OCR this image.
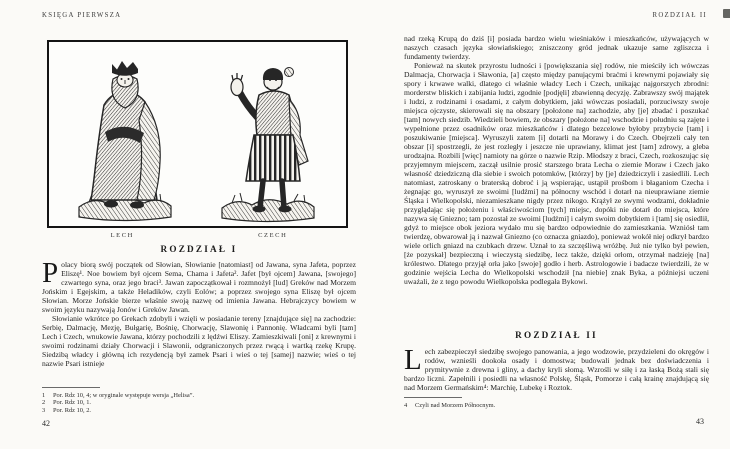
KSIĘGA PIERWSZA
LECH	CZECH
ROZDZIAŁ I

Polacy biorą swój początek od Słowian, Słowianie [natomiast] od Jawana, syna Jafeta, poprzez Eliszę¹. Noe bowiem był ojcem Sema, Chama i Jafeta². Jafet [był ojcem] Jawana, [swojego] czwartego syna, oraz jego braci³. Jawan zapoczątkował i rozmnożył [lud] Greków nad Morzem Jońskim i Egejskim, a także Heladików, czyli Eolów; a poprzez swojego syna Eliszę był ojcem Słowian. Morze Jońskie bierze właśnie swoją nazwę od imienia Jawana. Hebrajczycy bowiem w swoim języku nazywają Jonów i Greków Jawan.

Słowianie wkrótce po Grekach zdobyli i wzięli w posiadanie tereny [znajdujące się] na zachodzie: Serbię, Dalmację, Mezję, Bułgarię, Bośnię, Chorwację, Slawonię i Pannonię. Władcami byli [tam] Lech i Czech, wnukowie Jawana, którzy pochodzili z lędźwi Eliszy. Zamieszkiwali [oni] z krewnymi i swoimi rodzinami działy Chorwacji i Slawonii, odgraniczonych przez rwącą i wartką rzekę Krupę. Siedzibą władcy i główną ich rezydencją był zamek Psari i wieś o tej [samej] nazwie; wieś o tej nazwie Psari istnieje

1	Por. Rdz 10, 4; w oryginale występuje wersja „Helisa”.
2	Por. Rdz 10, 1.
3	Por. Rdz 10, 2.
42
ROZDZIAŁ II

nad rzeką Krupą do dziś [i] posiada bardzo wielu wieśniaków i mieszkańców, używających w naszych czasach języka słowiańskiego; zniszczony gród jednak ukazuje same zgliszcza i fundamenty twierdzy.

Ponieważ na skutek przyrostu ludności i [powiększania się] rodów, nie mieściły ich wówczas Dalmacja, Chorwacja i Sławonia, [a] często między panującymi braćmi i krewnymi pojawiały się spory i krwawe walki, dlatego ci właśnie władcy Lech i Czech, unikając najgorszych zbrodni: morderstw bliskich i zabijania ludzi, zgodnie [podjęli] zbawienną decyzję. Zabrawszy swój majątek i ludzi, z rodzinami i osadami, z całym dobytkiem, jaki wówczas posiadali, porzuciwszy swoje miejsca ojczyste, skierowali się na obszary [położone na] zachodzie, aby [je] zbadać i poszukać [tam] nowych siedzib. Wiedzieli bowiem, że obszary [położone na] wschodzie i południu są zajęte i wypełnione przez osadników oraz mieszkańców i dlatego bezcelowe byłoby przybycie [tam] i poszukiwanie [miejsca]. Wyruszyli zatem [i] dotarli na Morawy i do Czech. Obejrzeli cały ten obszar [i] spostrzegli, że jest rozległy i jeszcze nie uprawiany, klimat jest [tam] zdrowy, a gleba urodzajna. Rozbili [więc] namioty na górze o nazwie Rzip. Młodszy z braci, Czech, rozkoszując się przyjemnym miejscem, zaczął usilnie prosić starszego brata Lecha o ziemie Moraw i Czech jako własność dziedziczną dla siebie i swoich potomków, [którzy] by [je] dziedziczyli i zasiedlili. Lech natomiast, zatroskany o braterską dobroć i ją wspierając, ustąpił prośbom i błaganiom Czecha i żegnając go, wyruszył ze swoimi [ludźmi] na północny wschód i dotarł na nieuprawiane ziemie Śląska i Wielkopolski, niezamieszkane nigdy przez nikogo. Krążył ze swymi wodzami, dokładnie przyglądając się położeniu i właściwościom [tych] miejsc, dopóki nie dotarł do miejsca, które nazywa się Gniezno; tam pozostał ze swoimi [ludźmi] i całym swoim dobytkiem i [tam] się osiedlił, gdyż to miejsce obok jeziora wydało mu się bardzo odpowiednie do zamieszkania. Wzniósł tam twierdzę, obwarował ją i nazwał Gniezno (co oznacza gniazdo), ponieważ wokół niej odkrył bardzo wiele orlich gniazd na czubkach drzew. Uznał to za szczęśliwą wróżbę. Już nie tylko był pewien, [że pozyskał] bezpieczną i wieczystą siedzibę, lecz także, dzięki orłom, otrzymał nadzieję [na] królestwo. Dlatego przyjął orła jako [swoje] godło i herb. Astrologowie i badacze twierdzili, że w godzinie wejścia Lecha do Wielkopolski wschodził [na niebie] znak Byka, a późniejsi uczeni uważali, że z tego powodu Wielkopolska podlegała Bykowi.

ROZDZIAŁ II

Lech zabezpieczył siedzibę swojego panowania, a jego wodzowie, przydzieleni do okręgów i rodów, wznieśli dookoła osady i domostwa; budowali jednak bez doświadczenia i prymitywnie z drewna i gliny, a dachy kryli słomą. Wzrośli w siłę i za łaską Bożą stali się bardzo liczni. Zapełnili i posiedli na własność Polskę, Śląsk, Pomorze i całą krainę znajdującą się nad Morzem Germańskim⁴: Marchię, Lubekę i Roztok.

4	Czyli nad Morzem Północnym.
43
